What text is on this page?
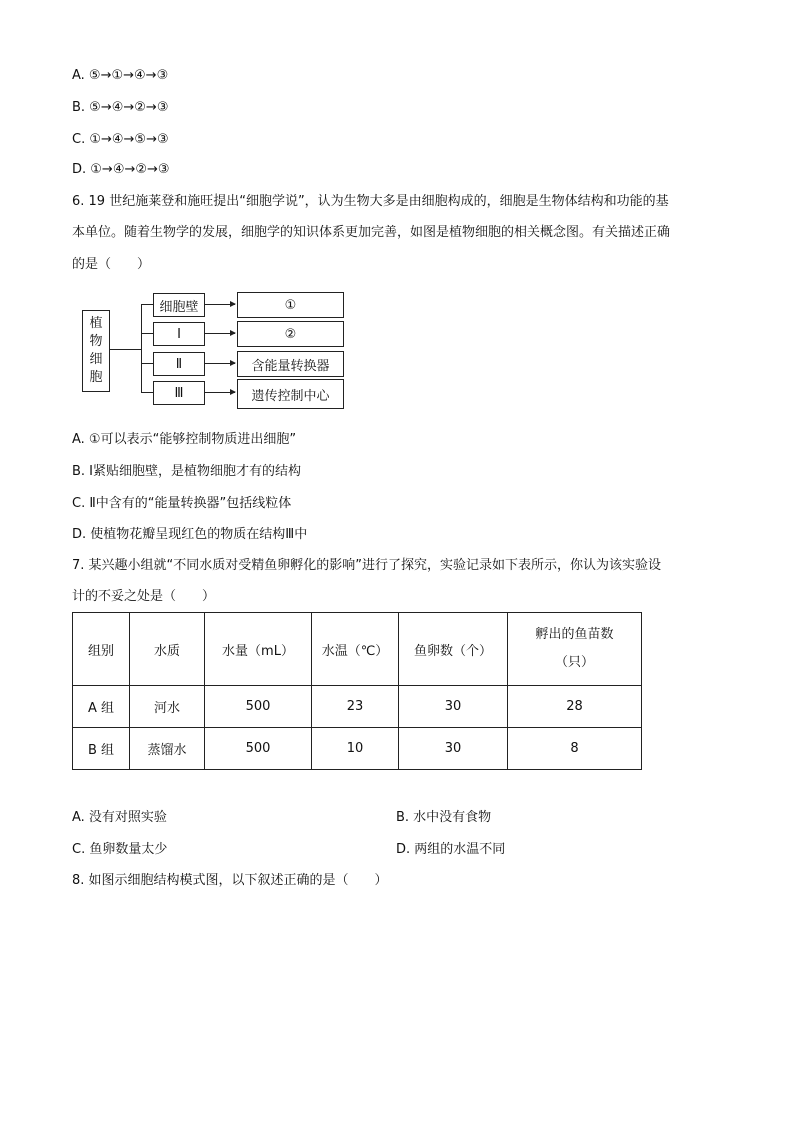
A. ⑤→①→④→③
B. ⑤→④→②→③
C. ①→④→⑤→③
D. ①→④→②→③
6. 19 世纪施莱登和施旺提出“细胞学说”，认为生物大多是由细胞构成的，细胞是生物体结构和功能的基
本单位。随着生物学的发展，细胞学的知识体系更加完善，如图是植物细胞的相关概念图。有关描述正确
的是（　　）
植
物
细
胞
细胞壁
Ⅰ
Ⅱ
Ⅲ
①
②
含能量转换器
遗传控制中心
A. ①可以表示“能够控制物质进出细胞”
B. Ⅰ紧贴细胞壁，是植物细胞才有的结构
C. Ⅱ中含有的“能量转换器”包括线粒体
D. 使植物花瓣呈现红色的物质在结构Ⅲ中
7. 某兴趣小组就“不同水质对受精鱼卵孵化的影响”进行了探究，实验记录如下表所示，你认为该实验设
计的不妥之处是（　　）
组别	水质	水量（mL）	水温（℃）	鱼卵数（个）	孵出的鱼苗数
（只）

A 组	河水	500	23	30	28
B 组	蒸馏水	500	10	30	8
A. 没有对照实验	B. 水中没有食物
C. 鱼卵数量太少	D. 两组的水温不同
8. 如图示细胞结构模式图，以下叙述正确的是（　　）
